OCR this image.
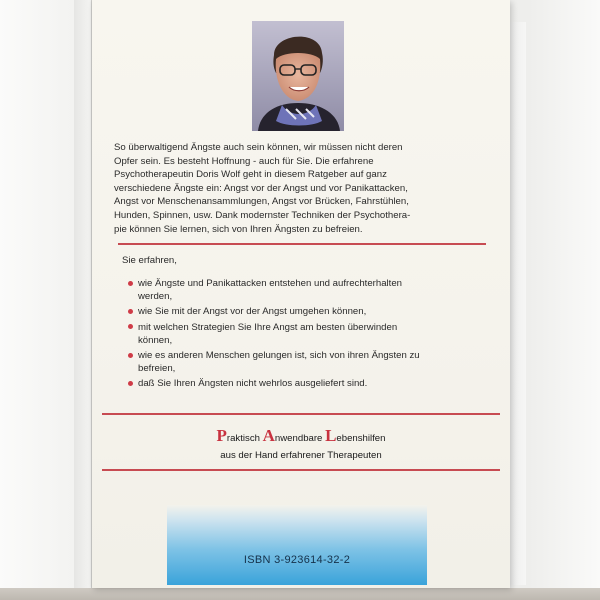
So überwaltigend Ängste auch sein können, wir müssen nicht deren
Opfer sein. Es besteht Hoffnung - auch für Sie. Die erfahrene
Psychotherapeutin Doris Wolf geht in diesem Ratgeber auf ganz
verschiedene Ängste ein: Angst vor der Angst und vor Panikattacken,
Angst vor Menschenansammlungen, Angst vor Brücken, Fahrstühlen,
Hunden, Spinnen, usw. Dank modernster Techniken der Psychothera-
pie können Sie lernen, sich von Ihren Ängsten zu befreien.
Sie erfahren,
wie Ängste und Panikattacken entstehen und aufrechterhalten
werden,
wie Sie mit der Angst vor der Angst umgehen können,
mit welchen Strategien Sie Ihre Angst am besten überwinden
können,
wie es anderen Menschen gelungen ist, sich von ihren Ängsten zu
befreien,
daß Sie Ihren Ängsten nicht wehrlos ausgeliefert sind.
Praktisch Anwendbare Lebenshilfen
aus der Hand erfahrener Therapeuten
ISBN 3-923614-32-2
